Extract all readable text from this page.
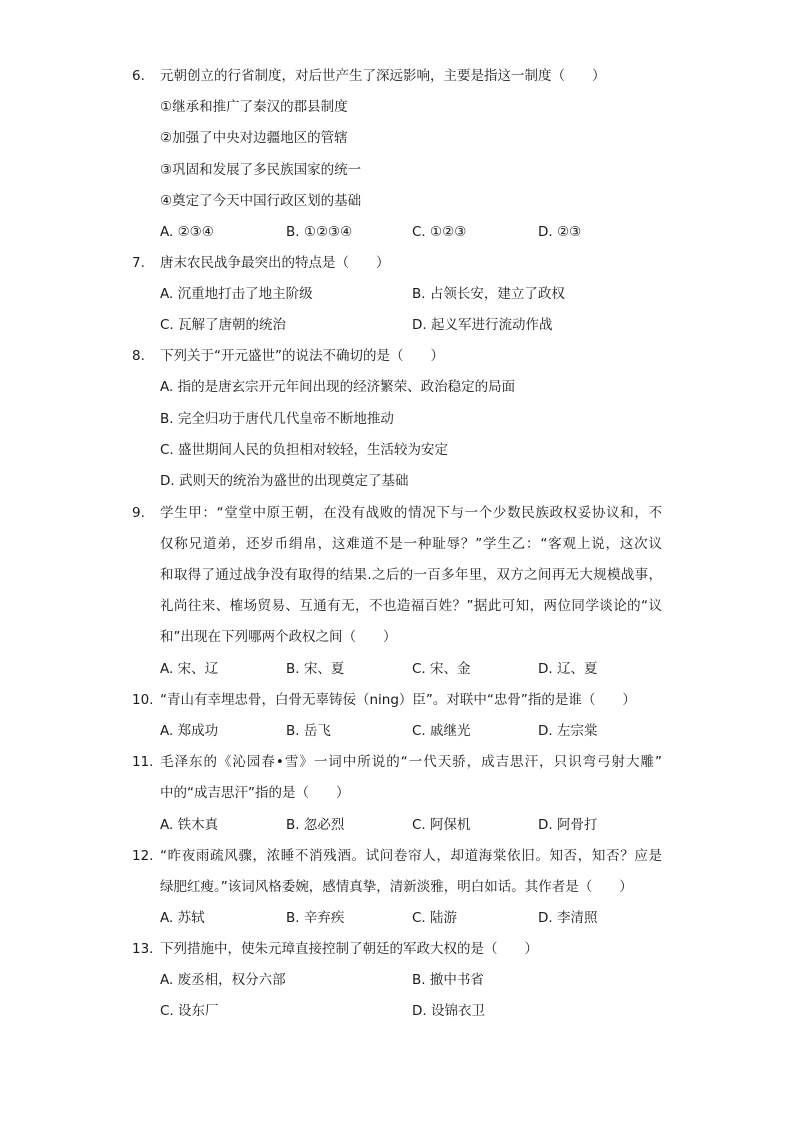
6. 元朝创立的行省制度，对后世产生了深远影响，主要是指这一制度（　　）
①继承和推广了秦汉的郡县制度
②加强了中央对边疆地区的管辖
③巩固和发展了多民族国家的统一
④奠定了今天中国行政区划的基础
A. ②③④	B. ①②③④	C. ①②③	D. ②③
7. 唐末农民战争最突出的特点是（　　）
A. 沉重地打击了地主阶级	B. 占领长安，建立了政权
C. 瓦解了唐朝的统治	D. 起义军进行流动作战
8. 下列关于“开元盛世”的说法不确切的是（　　）
A. 指的是唐玄宗开元年间出现的经济繁荣、政治稳定的局面
B. 完全归功于唐代几代皇帝不断地推动
C. 盛世期间人民的负担相对较轻，生活较为安定
D. 武则天的统治为盛世的出现奠定了基础
9. 学生甲：“堂堂中原王朝，在没有战败的情况下与一个少数民族政权妥协议和，不
仅称兄道弟，还岁币绢帛，这难道不是一种耻辱？”学生乙：“客观上说，这次议
和取得了通过战争没有取得的结果.之后的一百多年里，双方之间再无大规模战事，
礼尚往来、榷场贸易、互通有无，不也造福百姓？”据此可知，两位同学谈论的“议
和”出现在下列哪两个政权之间（　　）
A. 宋、辽	B. 宋、夏	C. 宋、金	D. 辽、夏
10. “青山有幸埋忠骨，白骨无辜铸佞（ning）臣”。对联中“忠骨”指的是谁（　　）
A. 郑成功	B. 岳飞	C. 戚继光	D. 左宗棠
11. 毛泽东的《沁园春•雪》一词中所说的“一代天骄，成吉思汗，只识弯弓射大雕”
中的“成吉思汗”指的是（　　）
A. 铁木真	B. 忽必烈	C. 阿保机	D. 阿骨打
12. “昨夜雨疏风骤，浓睡不消残酒。试问卷帘人，却道海棠依旧。知否，知否？应是
绿肥红瘦。”该词风格委婉，感情真挚，清新淡雅，明白如话。其作者是（　　）
A. 苏轼	B. 辛弃疾	C. 陆游	D. 李清照
13. 下列措施中，使朱元璋直接控制了朝廷的军政大权的是（　　）
A. 废丞相，权分六部	B. 撤中书省
C. 设东厂	D. 设锦衣卫
